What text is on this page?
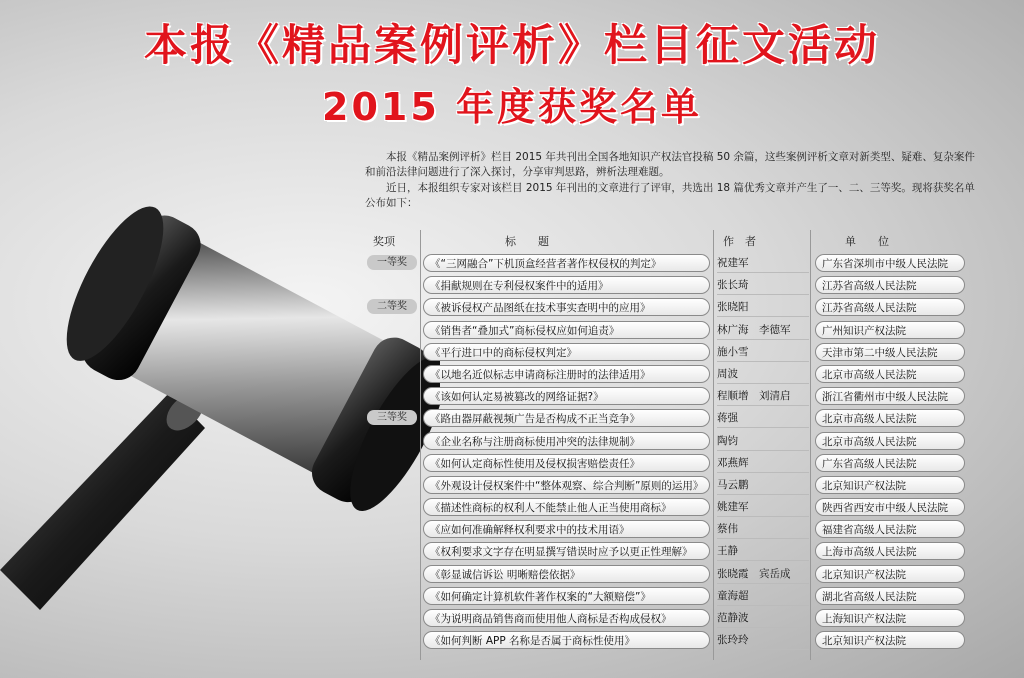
本报《精品案例评析》栏目征文活动
2015 年度获奖名单

本报《精品案例评析》栏目 2015 年共刊出全国各地知识产权法官投稿 50 余篇，这些案例评析文章对新类型、疑难、复杂案件和前沿法律问题进行了深入探讨，分享审判思路，辨析法理难题。

近日，本报组织专家对该栏目 2015 年刊出的文章进行了评审，共选出 18 篇优秀文章并产生了一、二、三等奖。现将获奖名单公布如下：

奖项	标　　题	作　者	单　　位
一等奖	《“三网融合”下机顶盒经营者著作权侵权的判定》	祝建军	广东省深圳市中级人民法院
《捐献规则在专利侵权案件中的适用》	张长琦	江苏省高级人民法院
二等奖	《被诉侵权产品图纸在技术事实查明中的应用》	张晓阳	江苏省高级人民法院
《销售者“叠加式”商标侵权应如何追责》	林广海　李德军	广州知识产权法院
《平行进口中的商标侵权判定》	施小雪	天津市第二中级人民法院
《以地名近似标志申请商标注册时的法律适用》	周波	北京市高级人民法院
《该如何认定易被篡改的网络证据?》	程顺增　刘清启	浙江省衢州市中级人民法院
三等奖	《路由器屏蔽视频广告是否构成不正当竞争》	蒋强	北京市高级人民法院
《企业名称与注册商标使用冲突的法律规制》	陶钧	北京市高级人民法院
《如何认定商标性使用及侵权损害赔偿责任》	邓燕辉	广东省高级人民法院
《外观设计侵权案件中“整体观察、综合判断”原则的运用》	马云鹏	北京知识产权法院
《描述性商标的权利人不能禁止他人正当使用商标》	姚建军	陕西省西安市中级人民法院
《应如何准确解释权利要求中的技术用语》	蔡伟	福建省高级人民法院
《权利要求文字存在明显撰写错误时应予以更正性理解》	王静	上海市高级人民法院
《彰显诚信诉讼 明晰赔偿依据》	张晓霞　宾岳成	北京知识产权法院
《如何确定计算机软件著作权案的“大额赔偿”》	童海超	湖北省高级人民法院
《为说明商品销售商而使用他人商标是否构成侵权》	范静波	上海知识产权法院
《如何判断 APP 名称是否属于商标性使用》	张玲玲	北京知识产权法院
